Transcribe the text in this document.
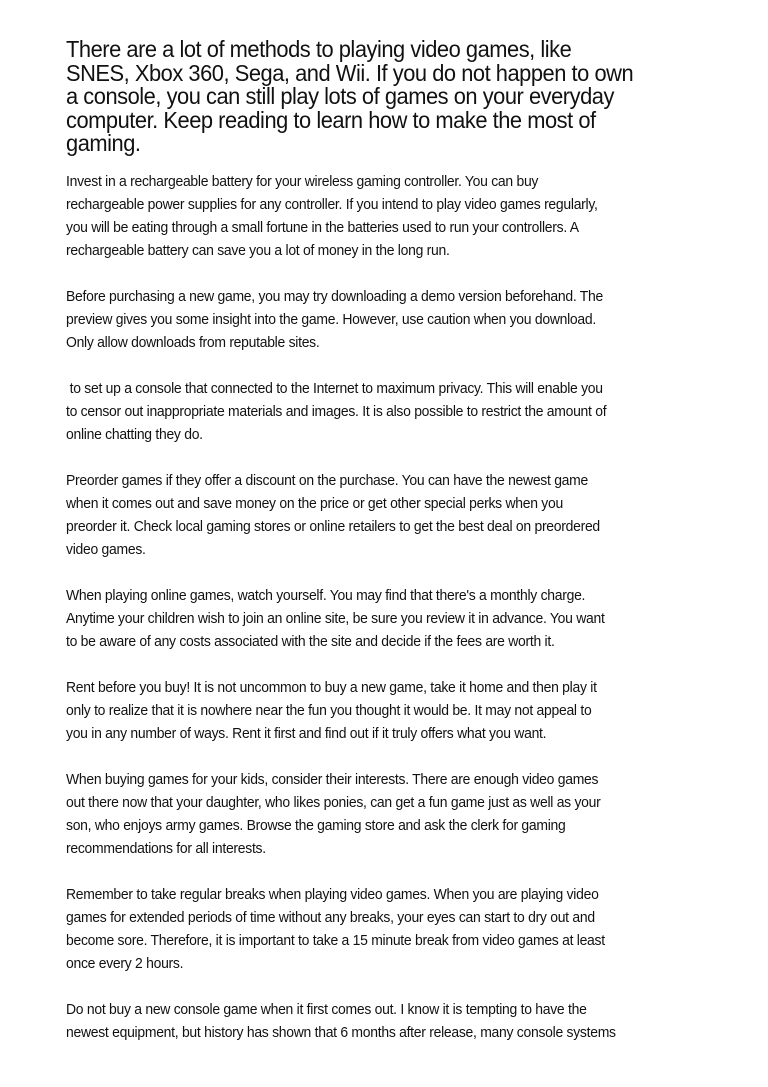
There are a lot of methods to playing video games, like
SNES, Xbox 360, Sega, and Wii. If you do not happen to own
a console, you can still play lots of games on your everyday
computer. Keep reading to learn how to make the most of
gaming.

Invest in a rechargeable battery for your wireless gaming controller. You can buy
rechargeable power supplies for any controller. If you intend to play video games regularly,
you will be eating through a small fortune in the batteries used to run your controllers. A
rechargeable battery can save you a lot of money in the long run.

Before purchasing a new game, you may try downloading a demo version beforehand. The
preview gives you some insight into the game. However, use caution when you download.
Only allow downloads from reputable sites.

to set up a console that connected to the Internet to maximum privacy. This will enable you
to censor out inappropriate materials and images. It is also possible to restrict the amount of
online chatting they do.

Preorder games if they offer a discount on the purchase. You can have the newest game
when it comes out and save money on the price or get other special perks when you
preorder it. Check local gaming stores or online retailers to get the best deal on preordered
video games.

When playing online games, watch yourself. You may find that there's a monthly charge.
Anytime your children wish to join an online site, be sure you review it in advance. You want
to be aware of any costs associated with the site and decide if the fees are worth it.

Rent before you buy! It is not uncommon to buy a new game, take it home and then play it
only to realize that it is nowhere near the fun you thought it would be. It may not appeal to
you in any number of ways. Rent it first and find out if it truly offers what you want.

When buying games for your kids, consider their interests. There are enough video games
out there now that your daughter, who likes ponies, can get a fun game just as well as your
son, who enjoys army games. Browse the gaming store and ask the clerk for gaming
recommendations for all interests.

Remember to take regular breaks when playing video games. When you are playing video
games for extended periods of time without any breaks, your eyes can start to dry out and
become sore. Therefore, it is important to take a 15 minute break from video games at least
once every 2 hours.

Do not buy a new console game when it first comes out. I know it is tempting to have the
newest equipment, but history has shown that 6 months after release, many console systems
